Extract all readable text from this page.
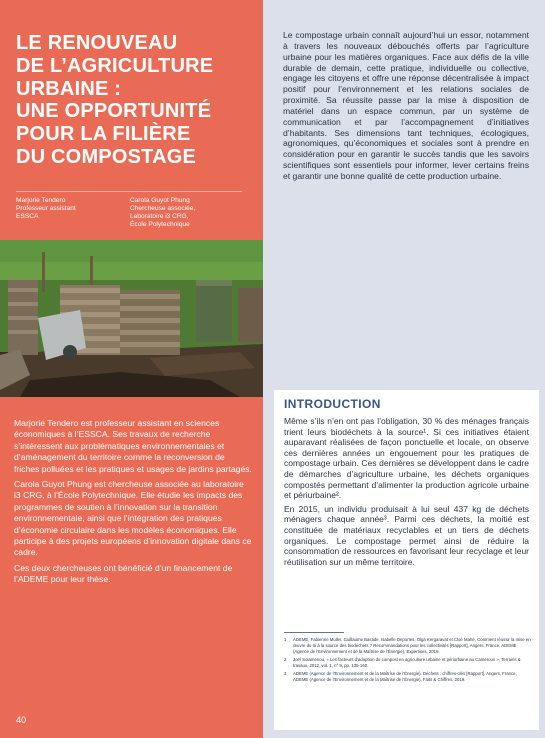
LE RENOUVEAU
DE L’AGRICULTURE
URBAINE :
UNE OPPORTUNITÉ
POUR LA FILIÈRE
DU COMPOSTAGE
Marjorie Tendero
Professeur assistant
ESSCA
Carola Guyot Phung
Chercheuse associée,
Laboratoire i3 CRG,
École Polytechnique

Marjorie Tendero est professeur assistant en sciences économiques à l’ESSCA. Ses travaux de recherche s’intéressent aux problématiques environnementales et d’aménagement du territoire comme la reconversion de friches polluées et les pratiques et usages de jardins partagés.

Carola Guyot Phung est chercheuse associée au laboratoire i3 CRG, à l’École Polytechnique. Elle étudie les impacts des programmes de soutien à l’innovation sur la transition environnementale, ainsi que l’intégration des pratiques d’économie circulaire dans les modèles économiques. Elle participe à des projets européens d’innovation digitale dans ce cadre.

Ces deux chercheuses ont bénéficié d’un financement de l’ADEME pour leur thèse.

40
Le compostage urbain connaît aujourd’hui un essor, notamment à travers les nouveaux débouchés offerts par l’agriculture urbaine pour les matières organiques. Face aux défis de la ville durable de demain, cette pratique, individuelle ou collective, engage les citoyens et offre une réponse décentralisée à impact positif pour l’environnement et les relations sociales de proximité. Sa réussite passe par la mise à disposition de matériel dans un espace commun, par un système de communication et par l’accompagnement d’initiatives d’habitants. Ses dimensions tant techniques, écologiques, agronomiques, qu’économiques et sociales sont à prendre en considération pour en garantir le succès tandis que les savoirs scientifiques sont essentiels pour informer, lever certains freins et garantir une bonne qualité de cette production urbaine.
INTRODUCTION

Même s’ils n’en ont pas l’obligation, 30 % des ménages français trient leurs biodéchets à la source¹. Si ces initiatives étaient auparavant réalisées de façon ponctuelle et locale, on observe ces dernières années un engouement pour les pratiques de compostage urbain. Ces dernières se développent dans le cadre de démarches d’agriculture urbaine, les déchets organiques compostés permettant d’alimenter la production agricole urbaine et périurbaine².

En 2015, un individu produisait à lui seul 437 kg de déchets ménagers chaque année³. Parmi ces déchets, la moitié est constituée de matériaux recyclables et un tiers de déchets organiques. Le compostage permet ainsi de réduire la consommation de ressources en favorisant leur recyclage et leur réutilisation sur un même territoire.

1	ADEME, Fabienne Muller, Guillaume Bastide, Isabelle Deportes, Olga Kergaravat et Cloé Mahé, Comment réussir la mise en œuvre du tri à la source des biodéchets ? Recommandations pour les collectivités [Rapport], Angers, France, ADEME (Agence de l’Environnement et de la Maîtrise de l’Énergie), Expertises, 2019.
2	Joël Sotamenou, « Les facteurs d’adoption du compost en agriculture urbaine et périurbaine au Cameroun », Terrains & travaux, 2012, vol. 1, n° 9, pp. 135-160.
3	ADEME (Agence de l’Environnement et de la Maîtrise de l’Énergie), Déchets : chiffres-clés [Rapport], Angers, France, ADEME (Agence de l’Environnement et de la Maîtrise de l’Énergie), Faits & Chiffres, 2019.
